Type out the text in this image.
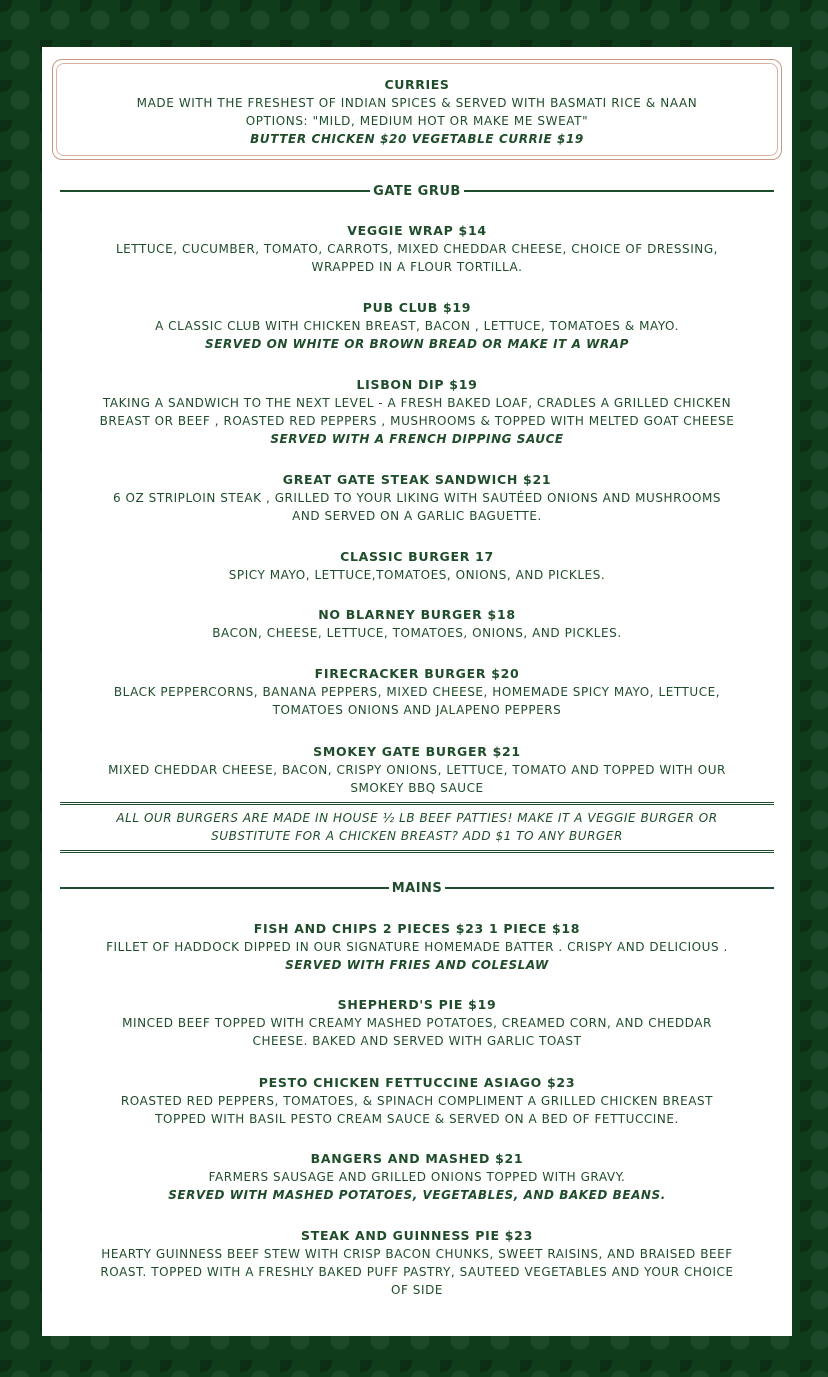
CURRIES
MADE WITH THE FRESHEST OF INDIAN SPICES & SERVED WITH BASMATI RICE & NAAN
OPTIONS: "MILD, MEDIUM HOT OR MAKE ME SWEAT"
BUTTER CHICKEN $20 VEGETABLE CURRIE $19
GATE GRUB
VEGGIE WRAP $14
LETTUCE, CUCUMBER, TOMATO, CARROTS, MIXED CHEDDAR CHEESE, CHOICE OF DRESSING,
WRAPPED IN A FLOUR TORTILLA.
PUB CLUB $19
A CLASSIC CLUB WITH CHICKEN BREAST, BACON , LETTUCE, TOMATOES & MAYO.
SERVED ON WHITE OR BROWN BREAD OR MAKE IT A WRAP
LISBON DIP $19
TAKING A SANDWICH TO THE NEXT LEVEL - A FRESH BAKED LOAF, CRADLES A GRILLED CHICKEN
BREAST OR BEEF , ROASTED RED PEPPERS , MUSHROOMS & TOPPED WITH MELTED GOAT CHEESE
SERVED WITH A FRENCH DIPPING SAUCE
GREAT GATE STEAK SANDWICH $21
6 OZ STRIPLOIN STEAK , GRILLED TO YOUR LIKING WITH SAUTÉED ONIONS AND MUSHROOMS
AND SERVED ON A GARLIC BAGUETTE.
CLASSIC BURGER 17
SPICY MAYO, LETTUCE,TOMATOES, ONIONS, AND PICKLES.
NO BLARNEY BURGER $18
BACON, CHEESE, LETTUCE, TOMATOES, ONIONS, AND PICKLES.
FIRECRACKER BURGER $20
BLACK PEPPERCORNS, BANANA PEPPERS, MIXED CHEESE, HOMEMADE SPICY MAYO, LETTUCE,
TOMATOES ONIONS AND JALAPENO PEPPERS
SMOKEY GATE BURGER $21
MIXED CHEDDAR CHEESE, BACON, CRISPY ONIONS, LETTUCE, TOMATO AND TOPPED WITH OUR
SMOKEY BBQ SAUCE
ALL OUR BURGERS ARE MADE IN HOUSE ½ LB BEEF PATTIES! MAKE IT A VEGGIE BURGER OR
SUBSTITUTE FOR A CHICKEN BREAST? ADD $1 TO ANY BURGER
MAINS
FISH AND CHIPS 2 PIECES $23 1 PIECE $18
FILLET OF HADDOCK DIPPED IN OUR SIGNATURE HOMEMADE BATTER . CRISPY AND DELICIOUS .
SERVED WITH FRIES AND COLESLAW
SHEPHERD'S PIE $19
MINCED BEEF TOPPED WITH CREAMY MASHED POTATOES, CREAMED CORN, AND CHEDDAR
CHEESE. BAKED AND SERVED WITH GARLIC TOAST
PESTO CHICKEN FETTUCCINE ASIAGO $23
ROASTED RED PEPPERS, TOMATOES, & SPINACH COMPLIMENT A GRILLED CHICKEN BREAST
TOPPED WITH BASIL PESTO CREAM SAUCE & SERVED ON A BED OF FETTUCCINE.
BANGERS AND MASHED $21
FARMERS SAUSAGE AND GRILLED ONIONS TOPPED WITH GRAVY.
SERVED WITH MASHED POTATOES, VEGETABLES, AND BAKED BEANS.
STEAK AND GUINNESS PIE $23
HEARTY GUINNESS BEEF STEW WITH CRISP BACON CHUNKS, SWEET RAISINS, AND BRAISED BEEF
ROAST. TOPPED WITH A FRESHLY BAKED PUFF PASTRY, SAUTEED VEGETABLES AND YOUR CHOICE
OF SIDE
